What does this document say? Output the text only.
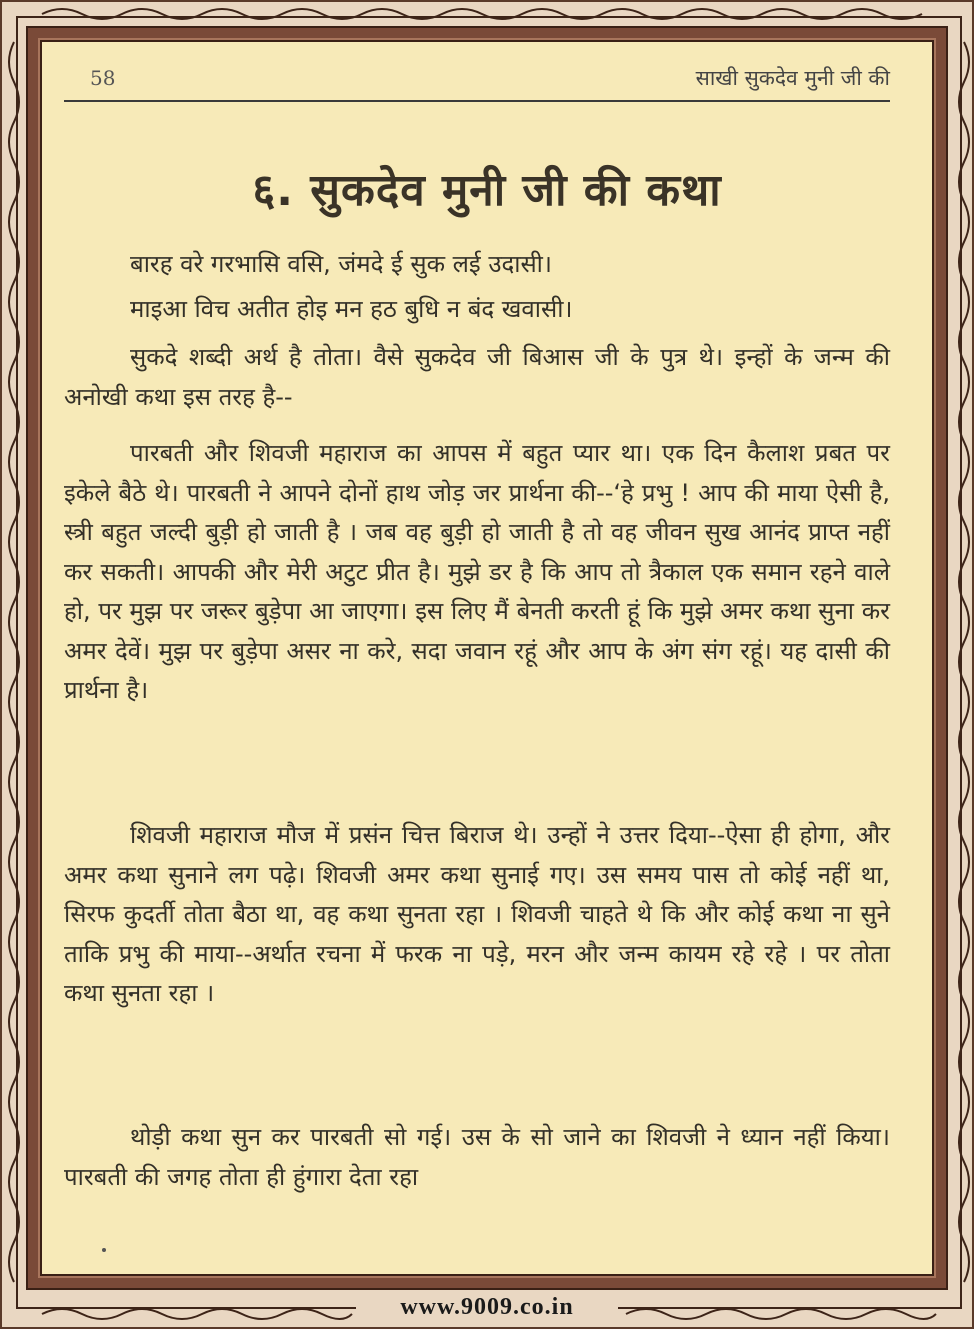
58	साखी सुकदेव मुनी जी की
६. सुकदेव मुनी जी की कथा
बारह वरे गरभासि वसि, जंमदे ई सुक लई उदासी।
माइआ विच अतीत होइ मन हठ बुधि न बंद खवासी।

सुकदे शब्दी अर्थ है तोता। वैसे सुकदेव जी बिआस जी के पुत्र थे। इन्हों के जन्म की अनोखी कथा इस तरह है--

पारबती और शिवजी महाराज का आपस में बहुत प्यार था। एक दिन कैलाश प्रबत पर इकेले बैठे थे। पारबती ने आपने दोनों हाथ जोड़ जर प्रार्थना की--‘हे प्रभु ! आप की माया ऐसी है, स्त्री बहुत जल्दी बुड़ी हो जाती है । जब वह बुड़ी हो जाती है तो वह जीवन सुख आनंद प्राप्त नहीं कर सकती। आपकी और मेरी अटुट प्रीत है। मुझे डर है कि आप तो त्रैकाल एक समान रहने वाले हो, पर मुझ पर जरूर बुड़ेपा आ जाएगा। इस लिए मैं बेनती करती हूं कि मुझे अमर कथा सुना कर अमर देवें। मुझ पर बुड़ेपा असर ना करे, सदा जवान रहूं और आप के अंग संग रहूं। यह दासी की प्रार्थना है।

शिवजी महाराज मौज में प्रसंन चित्त बिराज थे। उन्हों ने उत्तर दिया--ऐसा ही होगा, और अमर कथा सुनाने लग पढ़े। शिवजी अमर कथा सुनाई गए। उस समय पास तो कोई नहीं था, सिरफ कुदर्ती तोता बैठा था, वह कथा सुनता रहा । शिवजी चाहते थे कि और कोई कथा ना सुने ताकि प्रभु की माया--अर्थात रचना में फरक ना पड़े, मरन और जन्म कायम रहे रहे । पर तोता कथा सुनता रहा ।

थोड़ी कथा सुन कर पारबती सो गई। उस के सो जाने का शिवजी ने ध्यान नहीं किया। पारबती की जगह तोता ही हुंगारा देता रहा

www.9009.co.in
